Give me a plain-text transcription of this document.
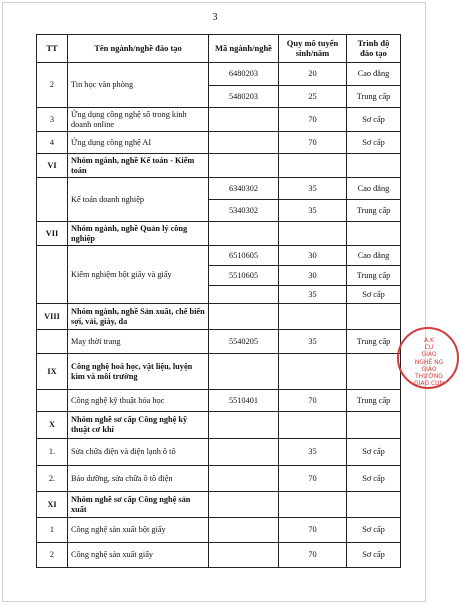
3
TT	Tên ngành/nghề đào tạo	Mã ngành/nghề	Quy mô tuyển sinh/năm	Trình độ đào tạo
2	Tin học văn phòng	6480203	20	Cao đẳng
		5480203	25	Trung cấp
3	Ứng dụng công nghệ số trong kinh doanh online		70	Sơ cấp
4	Ứng dụng công nghệ AI		70	Sơ cấp
VI	Nhóm ngành, nghề Kế toán - Kiểm toán			
	Kế toán doanh nghiệp	6340302	35	Cao đẳng
		5340302	35	Trung cấp
VII	Nhóm ngành, nghề Quản lý công nghiệp			
	Kiểm nghiệm bột giấy và giấy	6510605	30	Cao đẳng
		5510605	30	Trung cấp
			35	Sơ cấp
VIII	Nhóm ngành, nghề Sản xuất, chế biến sợi, vải, giày, da			
	May thời trang	5540205	35	Trung cấp
IX	Công nghệ hoá học, vật liệu, luyện kim và môi trường			
	Công nghệ kỹ thuật hóa học	5510401	70	Trung cấp
X	Nhóm nghề sơ cấp Công nghệ kỹ thuật cơ khí			
1.	Sửa chữa điện và điện lạnh ô tô		35	Sơ cấp
2.	Bảo dưỡng, sửa chữa ô tô điện		70	Sơ cấp
XI	Nhóm nghề sơ cấp Công nghệ sản xuất			
1	Công nghệ sản xuất bột giấy		70	Sơ cấp
2	Công nghệ sản xuất giấy		70	Sơ cấp
A.K
CU
GIÁO
NGHỀ NG
GIÁO
THƯỜNG
GIAO CUN
